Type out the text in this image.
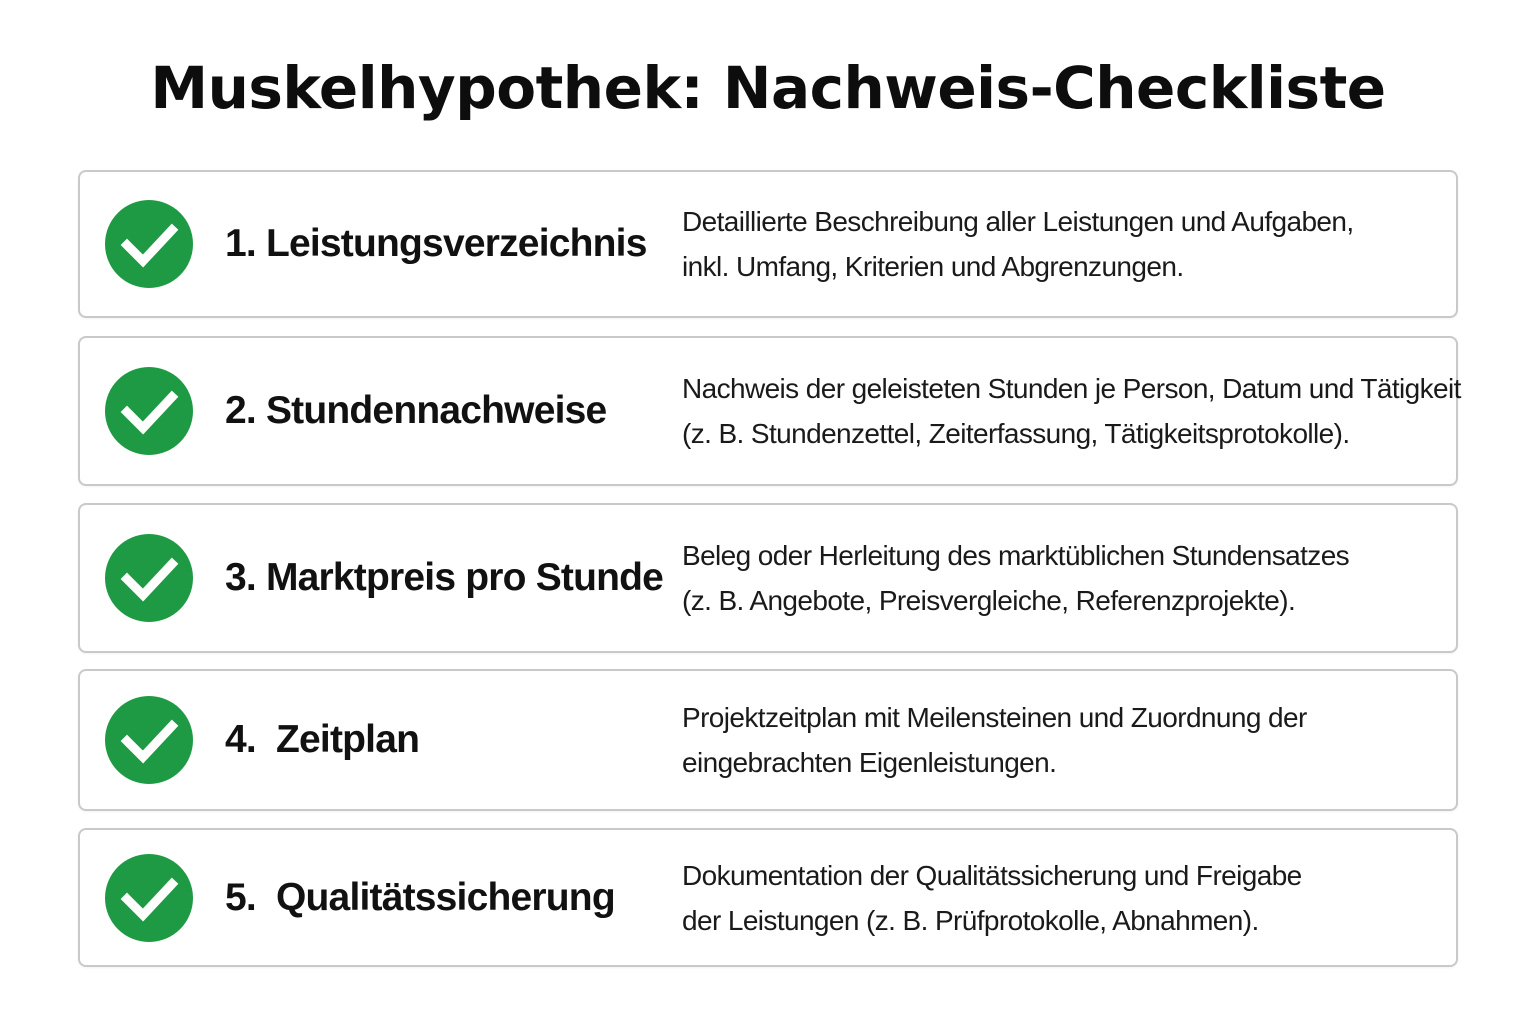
Muskelhypothek: Nachweis-Checkliste
1. Leistungsverzeichnis
Detaillierte Beschreibung aller Leistungen und Aufgaben,
inkl. Umfang, Kriterien und Abgrenzungen.
2. Stundennachweise
Nachweis der geleisteten Stunden je Person, Datum und Tätigkeit
(z. B. Stundenzettel, Zeiterfassung, Tätigkeitsprotokolle).
3. Marktpreis pro Stunde
Beleg oder Herleitung des marktüblichen Stundensatzes
(z. B. Angebote, Preisvergleiche, Referenzprojekte).
4.  Zeitplan
Projektzeitplan mit Meilensteinen und Zuordnung der
eingebrachten Eigenleistungen.
5.  Qualitätssicherung
Dokumentation der Qualitätssicherung und Freigabe
der Leistungen (z. B. Prüfprotokolle, Abnahmen).
